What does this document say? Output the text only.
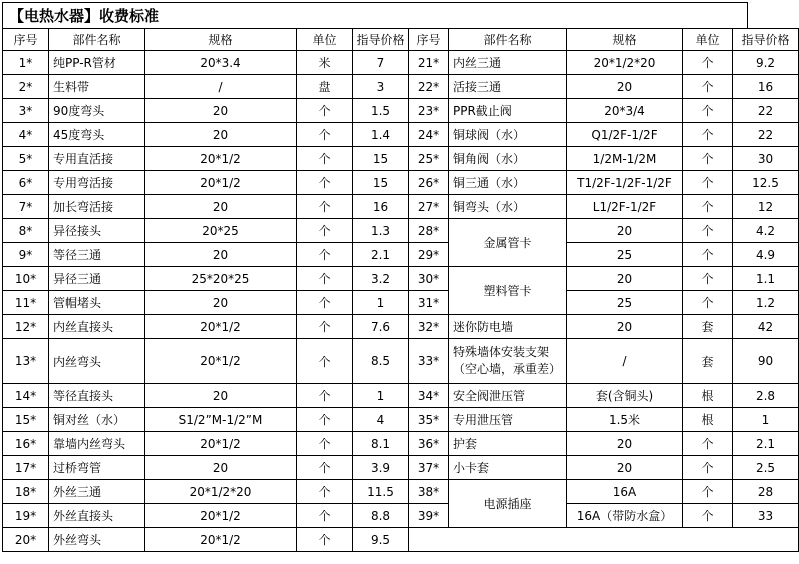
【电热水器】收费标准
序号	部件名称	规格	单位	指导价格	序号	部件名称	规格	单位	指导价格
1*	纯PP-R管材	20*3.4	米	7	21*	内丝三通	20*1/2*20	个	9.2
2*	生料带	/	盘	3	22*	活接三通	20	个	16
3*	90度弯头	20	个	1.5	23*	PPR截止阀	20*3/4	个	22
4*	45度弯头	20	个	1.4	24*	铜球阀（水）	Q1/2F-1/2F	个	22
5*	专用直活接	20*1/2	个	15	25*	铜角阀（水）	1/2M-1/2M	个	30
6*	专用弯活接	20*1/2	个	15	26*	铜三通（水）	T1/2F-1/2F-1/2F	个	12.5
7*	加长弯活接	20	个	16	27*	铜弯头（水）	L1/2F-1/2F	个	12
8*	异径接头	20*25	个	1.3	28*	金属管卡	20	个	4.2
9*	等径三通	20	个	2.1	29*		25	个	4.9
10*	异径三通	25*20*25	个	3.2	30*	塑料管卡	20	个	1.1
11*	管帽堵头	20	个	1	31*		25	个	1.2
12*	内丝直接头	20*1/2	个	7.6	32*	迷你防电墙	20	套	42
13*	内丝弯头	20*1/2	个	8.5	33*	特殊墙体安装支架（空心墙，承重差）	/	套	90
14*	等径直接头	20	个	1	34*	安全阀泄压管	套(含铜头)	根	2.8
15*	铜对丝（水）	S1/2”M-1/2”M	个	4	35*	专用泄压管	1.5米	根	1
16*	靠墙内丝弯头	20*1/2	个	8.1	36*	护套	20	个	2.1
17*	过桥弯管	20	个	3.9	37*	小卡套	20	个	2.5
18*	外丝三通	20*1/2*20	个	11.5	38*	电源插座	16A	个	28
19*	外丝直接头	20*1/2	个	8.8	39*		16A（带防水盒）	个	33
20*	外丝弯头	20*1/2	个	9.5					
